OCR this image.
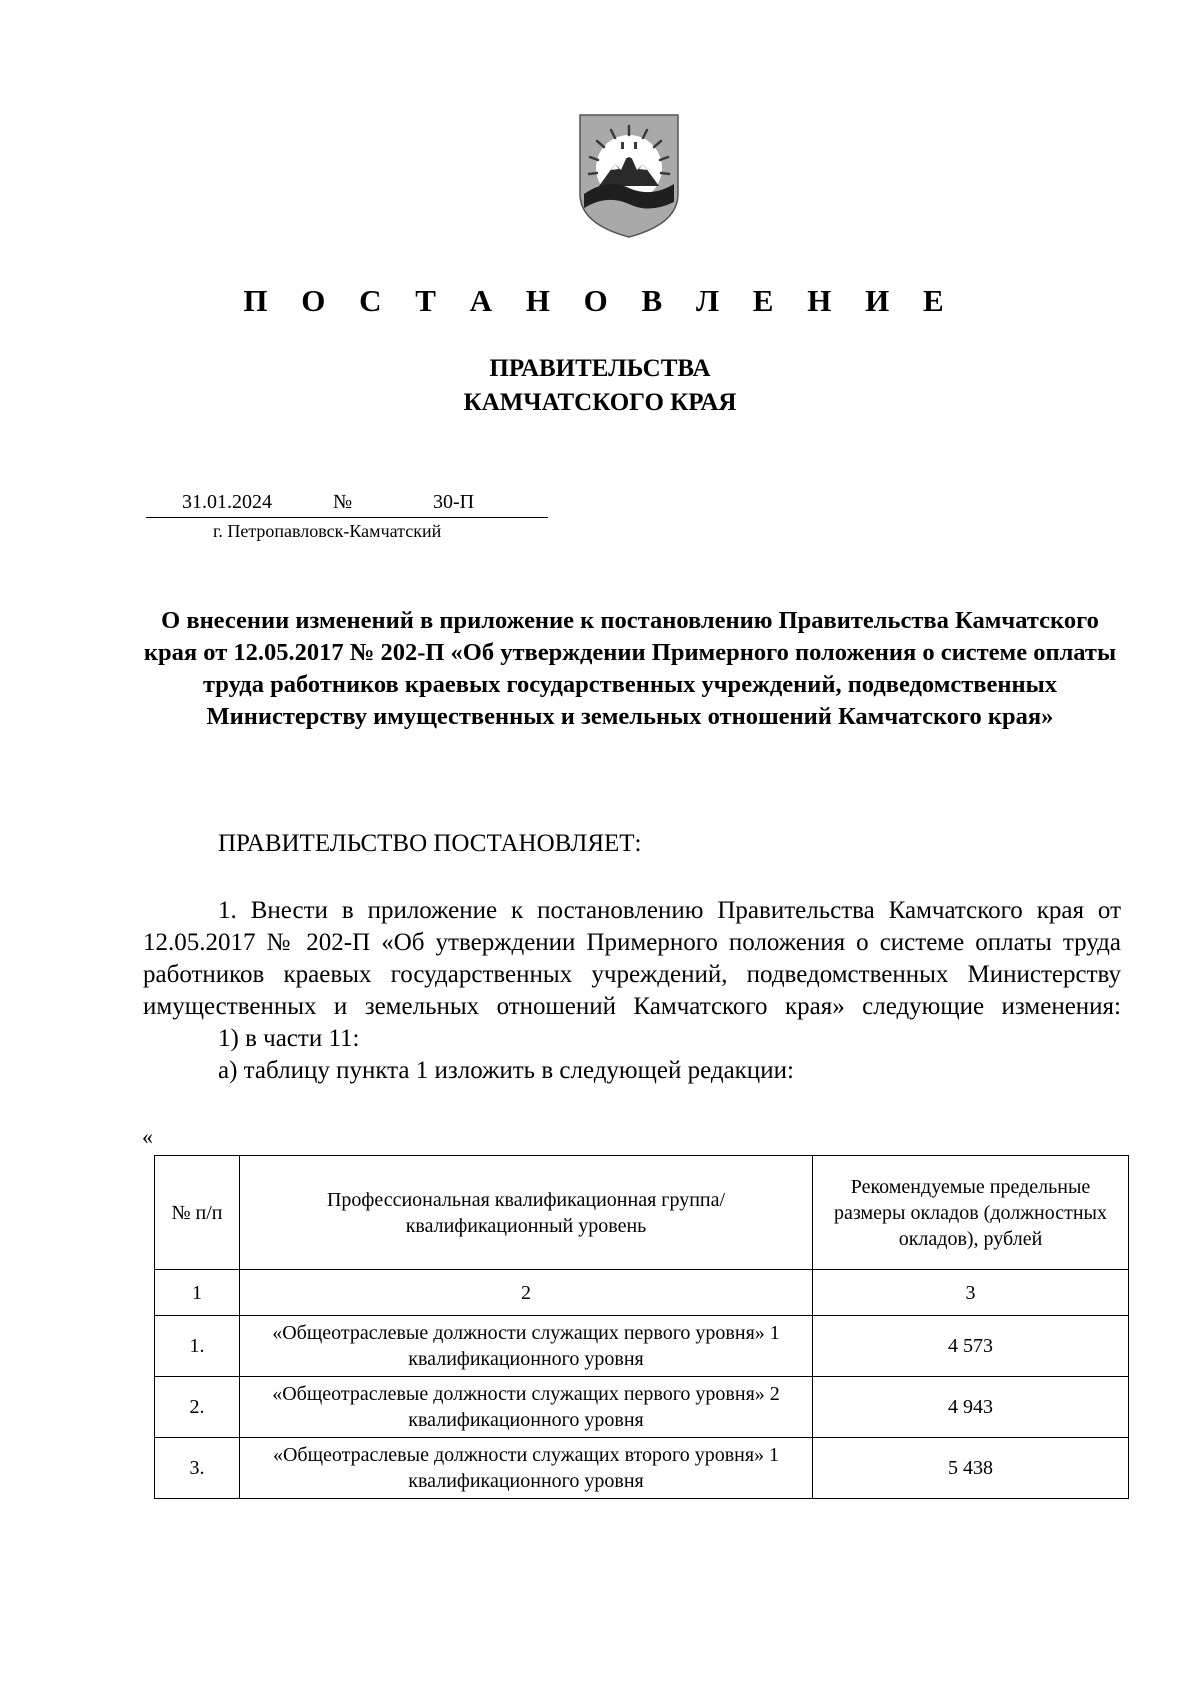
П О С Т А Н О В Л Е Н И Е
ПРАВИТЕЛЬСТВА
КАМЧАТСКОГО КРАЯ
31.01.2024	№	30-П
г. Петропавловск-Камчатский

О внесении изменений в приложение к постановлению Правительства Камчатского края от 12.05.2017 № 202-П «Об утверждении Примерного положения о системе оплаты труда работников краевых государственных учреждений, подведомственных Министерству имущественных и земельных отношений Камчатского края»

ПРАВИТЕЛЬСТВО ПОСТАНОВЛЯЕТ:

1. Внести в приложение к постановлению Правительства Камчатского края от 12.05.2017 № 202-П «Об утверждении Примерного положения о системе оплаты труда работников краевых государственных учреждений, подведомственных Министерству имущественных и земельных отношений Камчатского края» следующие изменения:

1) в части 11:

а) таблицу пункта 1 изложить в следующей редакции:

«
№ п/п	Профессиональная квалификационная группа/ квалификационный уровень	Рекомендуемые предельные размеры окладов (должностных окладов), рублей
1	2	3
1.	«Общеотраслевые должности служащих первого уровня» 1 квалификационного уровня	4 573
2.	«Общеотраслевые должности служащих первого уровня» 2 квалификационного уровня	4 943
3.	«Общеотраслевые должности служащих второго уровня» 1 квалификационного уровня	5 438
